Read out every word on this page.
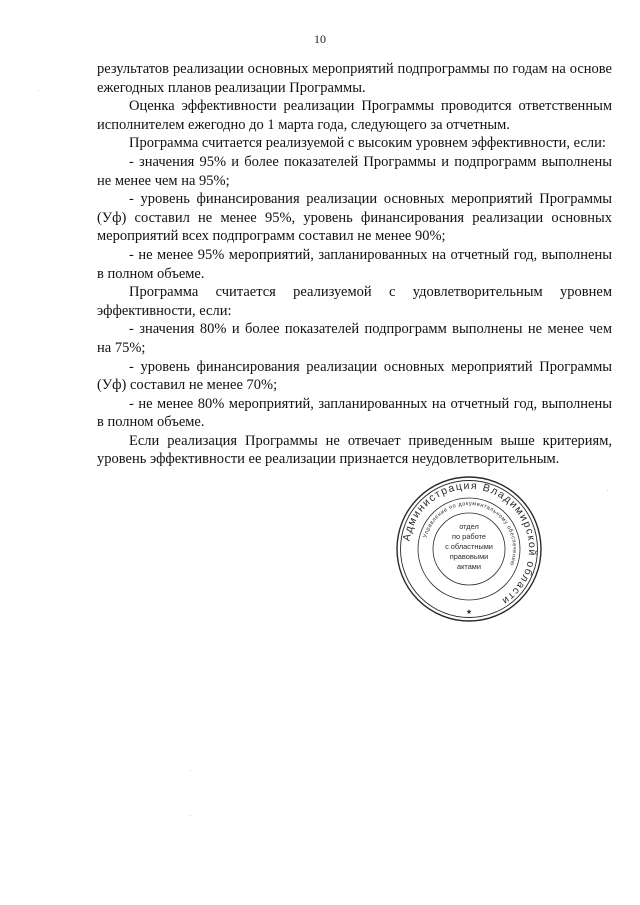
10

результатов реализации основных мероприятий подпрограммы по годам на основе ежегодных планов реализации Программы.

Оценка эффективности реализации Программы проводится ответственным исполнителем ежегодно до 1 марта года, следующего за отчетным.

Программа считается реализуемой с высоким уровнем эффективности, если:

- значения 95% и более показателей Программы и подпрограмм выполнены не менее чем на 95%;

- уровень финансирования реализации основных мероприятий Программы (Уф) составил не менее 95%, уровень финансирования реализации основных мероприятий всех подпрограмм составил не менее 90%;

- не менее 95% мероприятий, запланированных на отчетный год, выполнены в полном объеме.

Программа считается реализуемой с удовлетворительным уровнем эффективности, если:

- значения 80% и более показателей подпрограмм выполнены не менее чем на 75%;

- уровень финансирования реализации основных мероприятий Программы (Уф) составил не менее 70%;

- не менее 80% мероприятий, запланированных на отчетный год, выполнены в полном объеме.

Если реализация Программы не отвечает приведенным выше критериям, уровень эффективности ее реализации признается неудовлетворительным.

Администрация Владимирской области
Управление по документальному обеспечению
отдел
по работе
с областными
правовыми
актами
★
